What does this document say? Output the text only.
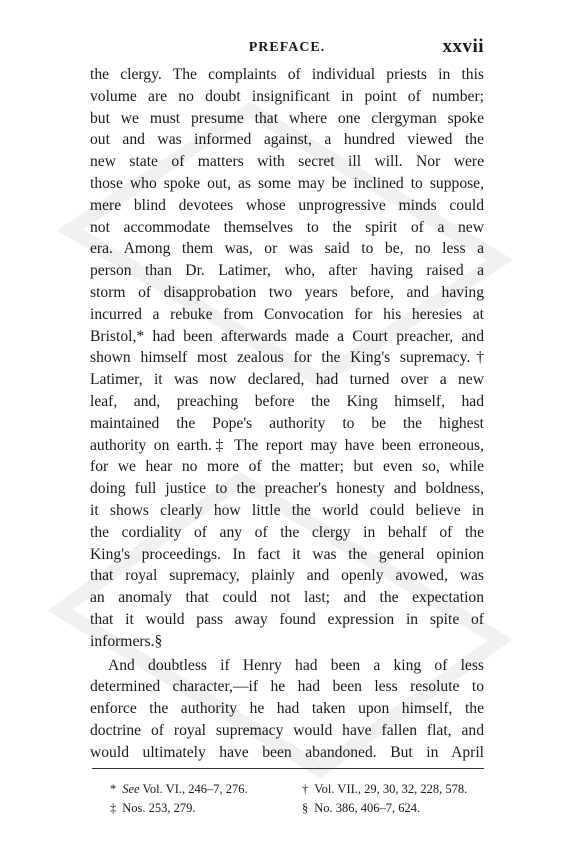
PREFACE.	xxvii
the clergy. The complaints of individual priests in this
volume are no doubt insignificant in point of number;
but we must presume that where one clergyman spoke
out and was informed against, a hundred viewed the
new state of matters with secret ill will. Nor were
those who spoke out, as some may be inclined to suppose,
mere blind devotees whose unprogressive minds could
not accommodate themselves to the spirit of a new
era. Among them was, or was said to be, no less a
person than Dr. Latimer, who, after having raised a
storm of disapprobation two years before, and having
incurred a rebuke from Convocation for his heresies at
Bristol,* had been afterwards made a Court preacher, and
shown himself most zealous for the King's supremacy.†
Latimer, it was now declared, had turned over a new
leaf, and, preaching before the King himself, had
maintained the Pope's authority to be the highest
authority on earth.‡ The report may have been erroneous,
for we hear no more of the matter; but even so, while
doing full justice to the preacher's honesty and boldness,
it shows clearly how little the world could believe in
the cordiality of any of the clergy in behalf of the
King's proceedings. In fact it was the general opinion
that royal supremacy, plainly and openly avowed, was
an anomaly that could not last; and the expectation
that it would pass away found expression in spite of
informers.§
And doubtless if Henry had been a king of less
determined character,—if he had been less resolute to
enforce the authority he had taken upon himself, the
doctrine of royal supremacy would have fallen flat, and
would ultimately have been abandoned. But in April
* See Vol. VI., 246–7, 276.	† Vol. VII., 29, 30, 32, 228, 578.
‡ Nos. 253, 279.	§ No. 386, 406–7, 624.
